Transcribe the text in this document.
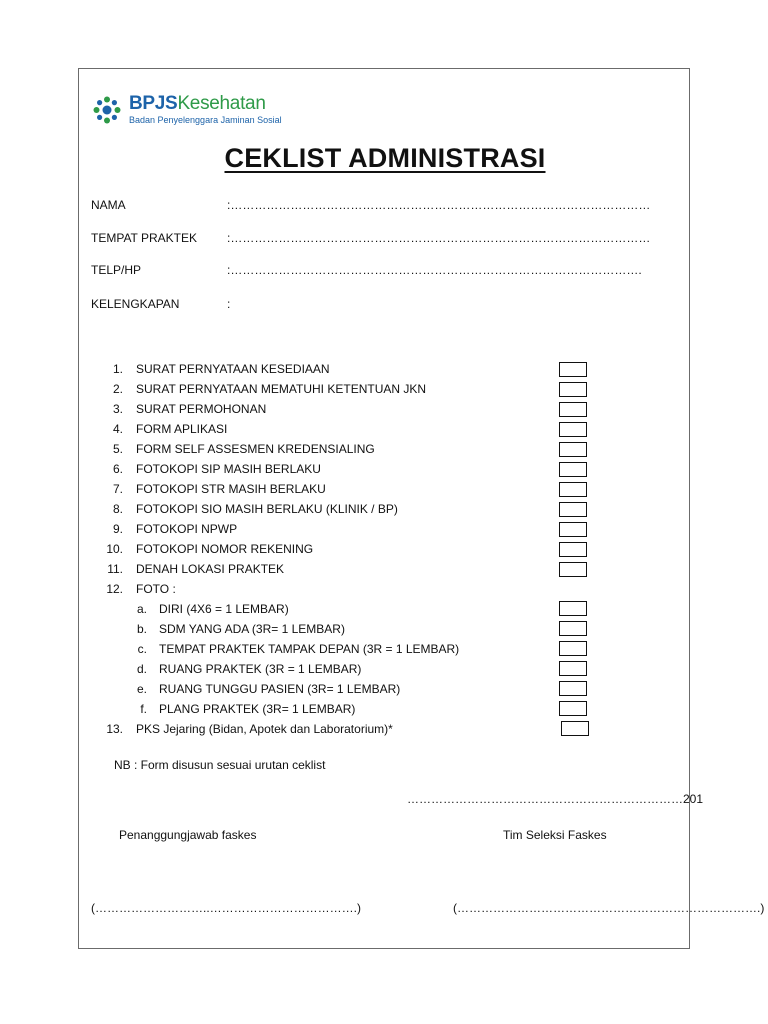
BPJSKesehatan
Badan Penyelenggara Jaminan Sosial
CEKLIST ADMINISTRASI
NAMA	:……………………………………………………………………………………………
TEMPAT PRAKTEK :……………………………………………………………………………………………
TELP/HP	:………………………………………………………………………………………….
KELENGKAPAN	:
1. SURAT PERNYATAAN KESEDIAAN
2. SURAT PERNYATAAN MEMATUHI KETENTUAN JKN
3. SURAT PERMOHONAN
4. FORM APLIKASI
5. FORM SELF ASSESMEN KREDENSIALING
6. FOTOKOPI SIP MASIH BERLAKU
7. FOTOKOPI STR MASIH BERLAKU
8. FOTOKOPI SIO MASIH BERLAKU (KLINIK / BP)
9. FOTOKOPI NPWP
10. FOTOKOPI NOMOR REKENING
11. DENAH LOKASI PRAKTEK
12. FOTO :
a. DIRI (4X6 = 1 LEMBAR)
b. SDM YANG ADA (3R= 1 LEMBAR)
c. TEMPAT PRAKTEK TAMPAK DEPAN (3R = 1 LEMBAR)
d. RUANG PRAKTEK (3R = 1 LEMBAR)
e. RUANG TUNGGU PASIEN (3R= 1 LEMBAR)
f. PLANG PRAKTEK (3R= 1 LEMBAR)
13. PKS Jejaring (Bidan, Apotek dan Laboratorium)*
NB : Form disusun sesuai urutan ceklist
……………………………………………………………201
Penanggungjawab faskes	Tim Seleksi Faskes
(………………………..……………………………….)	(………………………………………………………………….)
